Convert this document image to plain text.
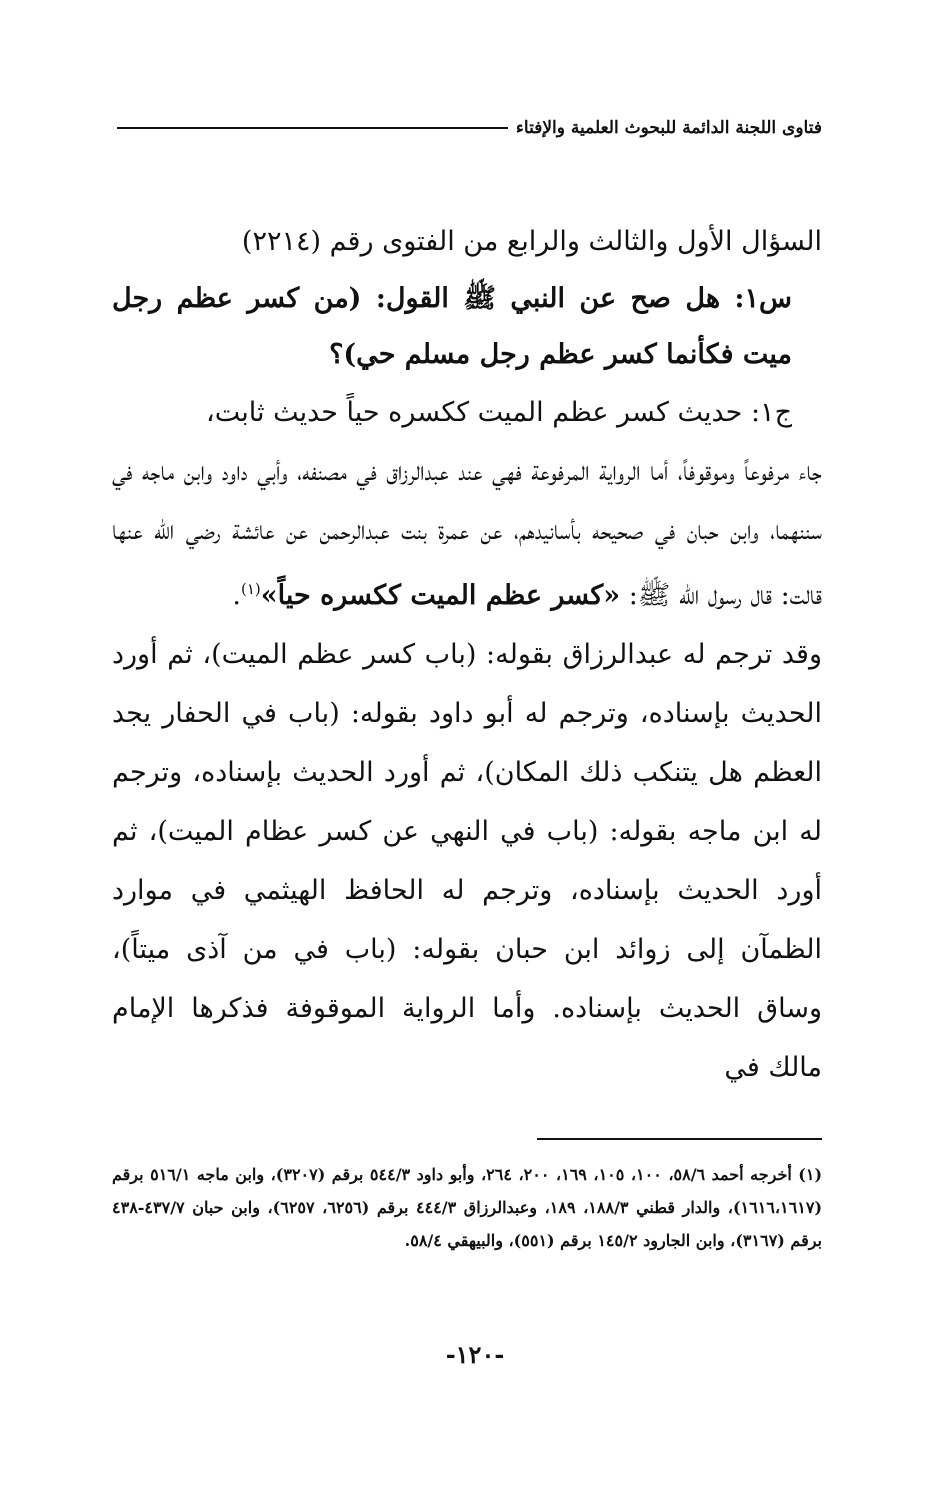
فتاوى اللجنة الدائمة للبحوث العلمية والإفتاء

السؤال الأول والثالث والرابع من الفتوى رقم (٢٢١٤)

س١: هل صح عن النبي ﷺ القول: (من كسر عظم رجل ميت فكأنما كسر عظم رجل مسلم حي)؟

ج١: حديث كسر عظم الميت ككسره حياً حديث ثابت،

جاء مرفوعاً وموقوفاً، أما الرواية المرفوعة فهي عند عبدالرزاق في مصنفه، وأبي داود وابن ماجه في سننهما، وابن حبان في صحيحه بأسانيدهم، عن عمرة بنت عبدالرحمن عن عائشة رضي الله عنها قالت: قال رسول الله ﷺ: «كسر عظم الميت ككسره حياً»$^{(١)}$.

وقد ترجم له عبدالرزاق بقوله: (باب كسر عظم الميت)، ثم أورد الحديث بإسناده، وترجم له أبو داود بقوله: (باب في الحفار يجد العظم هل يتنكب ذلك المكان)، ثم أورد الحديث بإسناده، وترجم له ابن ماجه بقوله: (باب في النهي عن كسر عظام الميت)، ثم أورد الحديث بإسناده، وترجم له الحافظ الهيثمي في موارد الظمآن إلى زوائد ابن حبان بقوله: (باب في من آذى ميتاً)، وساق الحديث بإسناده. وأما الرواية الموقوفة فذكرها الإمام مالك في

(١) أخرجه أحمد ٥٨/٦، ١٠٠، ١٠٥، ١٦٩، ٢٠٠، ٢٦٤، وأبو داود ٥٤٤/٣ برقم (٣٢٠٧)، وابن ماجه ٥١٦/١ برقم (١٦١٦،١٦١٧)، والدار قطني ١٨٨/٣، ١٨٩، وعبدالرزاق ٤٤٤/٣ برقم (٦٢٥٦، ٦٢٥٧)، وابن حبان ٤٣٧/٧-٤٣٨ برقم (٣١٦٧)، وابن الجارود ١٤٥/٢ برقم (٥٥١)، والبيهقي ٥٨/٤.
-١٢٠-
